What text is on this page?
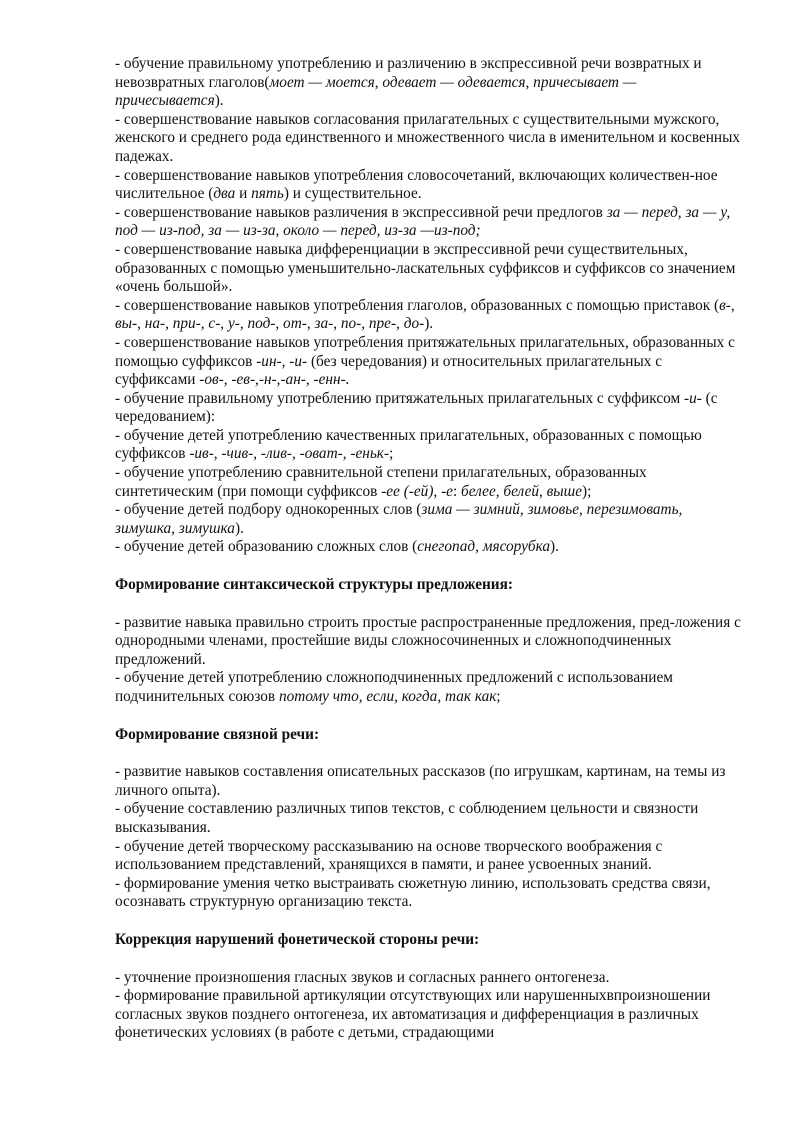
- обучение правильному употреблению и различению в экспрессивной речи возвратных и невозвратных глаголов(моет — моется, одевает — одевается, причесывает — причесывается).

- совершенствование навыков согласования прилагательных с существительными мужского, женского и среднего рода единственного и множественного числа в именительном и косвенных падежах.

- совершенствование навыков употребления словосочетаний, включающих количествен-ное числительное (два и пять) и существительное.

- совершенствование навыков различения в экспрессивной речи предлогов за — перед, за — у, под — из-под, за — из-за, около — перед, из-за —из-под;

- совершенствование навыка дифференциации в экспрессивной речи существительных, образованных с помощью уменьшительно-ласкательных суффиксов и суффиксов со значением «очень большой».

- совершенствование навыков употребления глаголов, образованных с помощью приставок (в-, вы-, на-, при-, с-, у-, под-, от-, за-, по-, пре-, до-).

- совершенствование навыков употребления притяжательных прилагательных, образованных с помощью суффиксов -ин-, -и- (без чередования) и относительных прилагательных с суффиксами -ов-, -ев-,-н-,-ан-, -енн-.

- обучение правильному употреблению притяжательных прилагательных с суффиксом -и- (с чередованием):

- обучение детей употреблению качественных прилагательных, образованных с помощью суффиксов -ив-, -чив-, -лив-, -оват-, -еньк-;

- обучение употреблению сравнительной степени прилагательных, образованных синтетическим (при помощи суффиксов -ее (-ей), -е: белее, белей, выше);

- обучение детей подбору однокоренных слов (зима — зимний, зимовье, перезимовать, зимушка, зимушка).

- обучение детей образованию сложных слов (снегопад, мясорубка).

Формирование синтаксической структуры предложения:

- развитие навыка правильно строить простые распространенные предложения, пред-ложения с однородными членами, простейшие виды сложносочиненных и сложноподчиненных предложений.

- обучение детей употреблению сложноподчиненных предложений с использованием подчинительных союзов потому что, если, когда, так как;

Формирование связной речи:

- развитие навыков составления описательных рассказов (по игрушкам, картинам, на темы из личного опыта).

- обучение составлению различных типов текстов, с соблюдением цельности и связности высказывания.

- обучение детей творческому рассказыванию на основе творческого воображения с использованием представлений, хранящихся в памяти, и ранее усвоенных знаний.

- формирование умения четко выстраивать сюжетную линию, использовать средства связи, осознавать структурную организацию текста.

Коррекция нарушений фонетической стороны речи:

- уточнение произношения гласных звуков и согласных раннего онтогенеза.

- формирование правильной артикуляции отсутствующих или нарушенныхвпроизношении согласных звуков позднего онтогенеза, их автоматизация и дифференциация в различных фонетических условиях (в работе с детьми, страдающими
